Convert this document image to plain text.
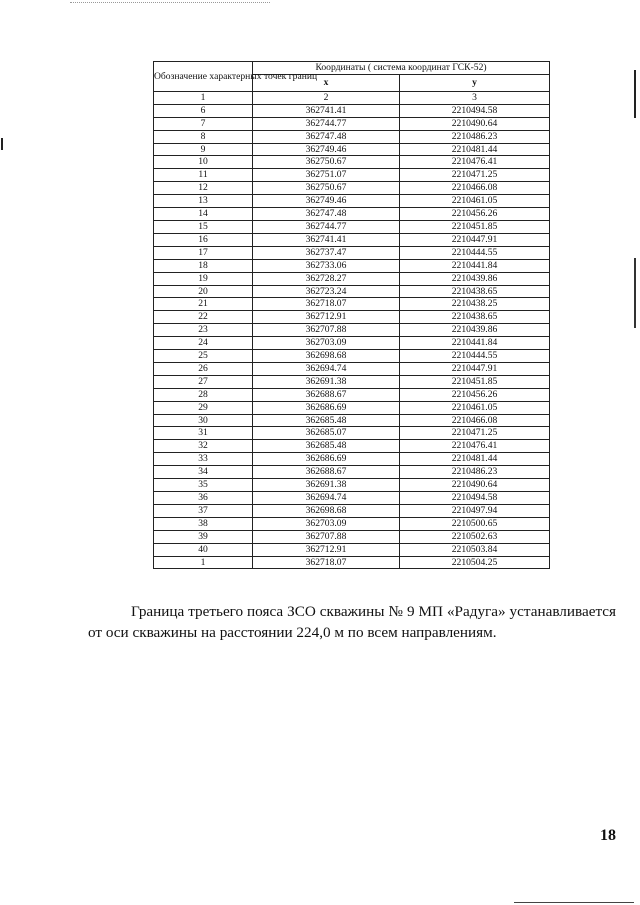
Обозначение характерных точек границ	Координаты ( система координат ГСК-52)	
	х	у
1	2	3
6	362741.41	2210494.58
7	362744.77	2210490.64
8	362747.48	2210486.23
9	362749.46	2210481.44
10	362750.67	2210476.41
11	362751.07	2210471.25
12	362750.67	2210466.08
13	362749.46	2210461.05
14	362747.48	2210456.26
15	362744.77	2210451.85
16	362741.41	2210447.91
17	362737.47	2210444.55
18	362733.06	2210441.84
19	362728.27	2210439.86
20	362723.24	2210438.65
21	362718.07	2210438.25
22	362712.91	2210438.65
23	362707.88	2210439.86
24	362703.09	2210441.84
25	362698.68	2210444.55
26	362694.74	2210447.91
27	362691.38	2210451.85
28	362688.67	2210456.26
29	362686.69	2210461.05
30	362685.48	2210466.08
31	362685.07	2210471.25
32	362685.48	2210476.41
33	362686.69	2210481.44
34	362688.67	2210486.23
35	362691.38	2210490.64
36	362694.74	2210494.58
37	362698.68	2210497.94
38	362703.09	2210500.65
39	362707.88	2210502.63
40	362712.91	2210503.84
1	362718.07	2210504.25
Граница третьего пояса ЗСО скважины № 9 МП «Радуга» устанавливается
от оси скважины на расстоянии 224,0 м по всем направлениям.
18
